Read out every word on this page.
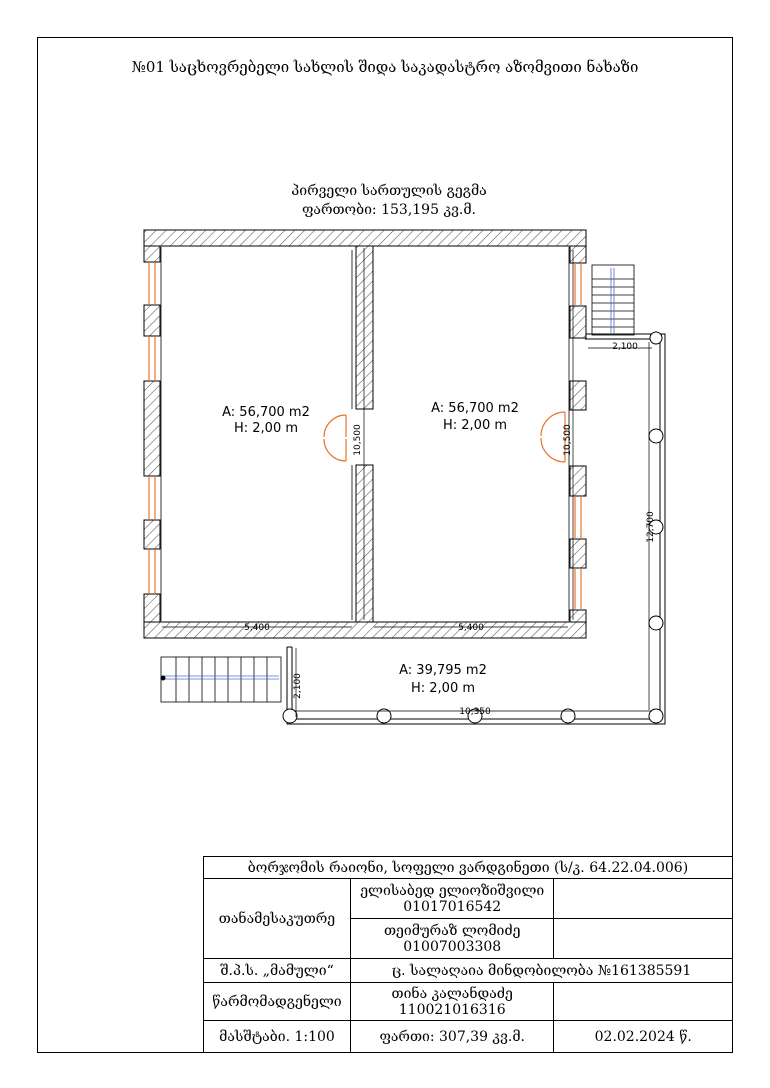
№01 საცხოვრებელი სახლის შიდა საკადასტრო აზომვითი ნახაზი
პირველი სართულის გეგმა
ფართობი: 153,195 კვ.მ.
5,400	5,400
10,500	10,500
2,100
12,700
2,100
10,350
A: 56,700 m2
H: 2,00 m
A: 56,700 m2
H: 2,00 m
A: 39,795 m2
H: 2,00 m
ბორჯომის რაიონი, სოფელი ვარდგინეთი (ს/კ. 64.22.04.006)		
თანამესაკუთრე	ელისაბედ ელიოზიშვილი
01017016542	

	თეიმურაზ ლომიძე
01007003308	

შ.პ.ს. „მამული“	ც. სალაღაია მინდობილობა №161385591	
წარმომადგენელი	თინა კალანდაძე
110021016316	

მასშტაბი. 1:100	ფართი: 307,39 კვ.მ.	02.02.2024 წ.
